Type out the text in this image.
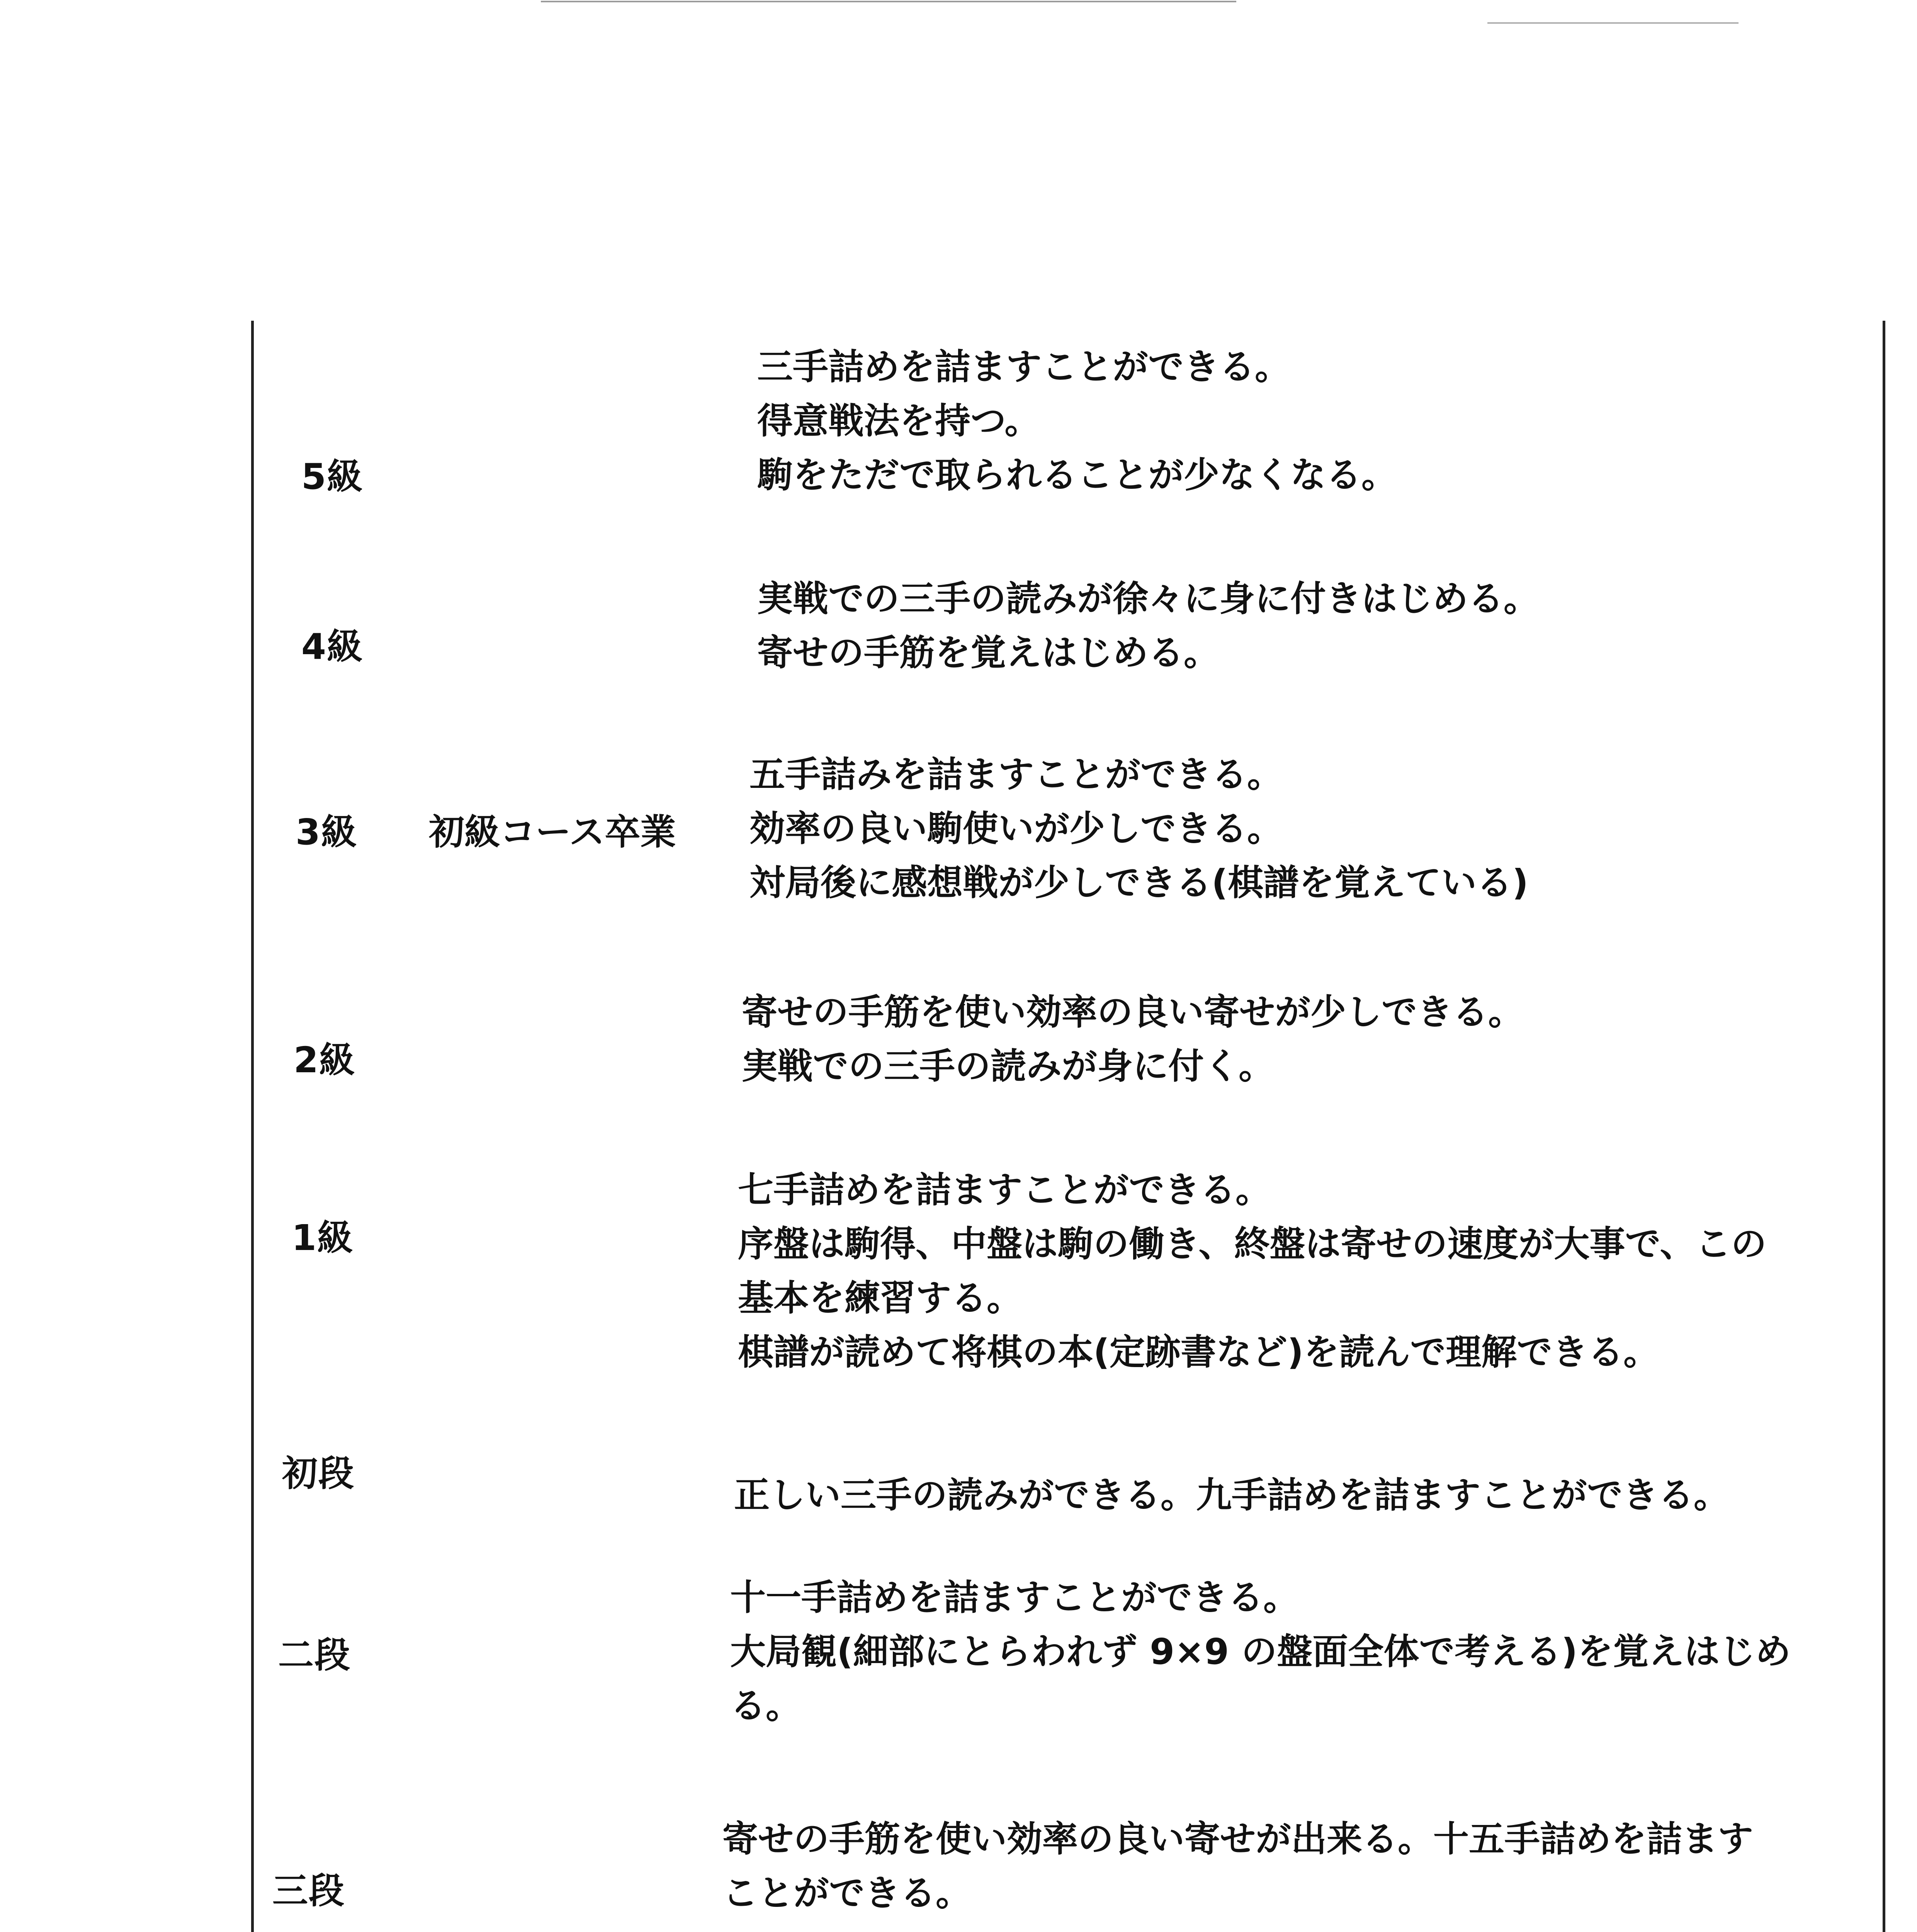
5級
三手詰めを詰ますことができる。
得意戦法を持つ。
駒をただで取られることが少なくなる。
4級
実戦での三手の読みが徐々に身に付きはじめる。
寄せの手筋を覚えはじめる。
3級 初級コース卒業
五手詰みを詰ますことができる。
効率の良い駒使いが少しできる。
対局後に感想戦が少しできる(棋譜を覚えている)
2級
寄せの手筋を使い効率の良い寄せが少しできる。
実戦での三手の読みが身に付く。
1級
七手詰めを詰ますことができる。
序盤は駒得、中盤は駒の働き、終盤は寄せの速度が大事で、この
基本を練習する。
棋譜が読めて将棋の本(定跡書など)を読んで理解できる。
初段
正しい三手の読みができる。九手詰めを詰ますことができる。
二段
十一手詰めを詰ますことができる。
大局観(細部にとらわれず 9×9 の盤面全体で考える)を覚えはじめ
る。
三段
寄せの手筋を使い効率の良い寄せが出来る。十五手詰めを詰ます
ことができる。
